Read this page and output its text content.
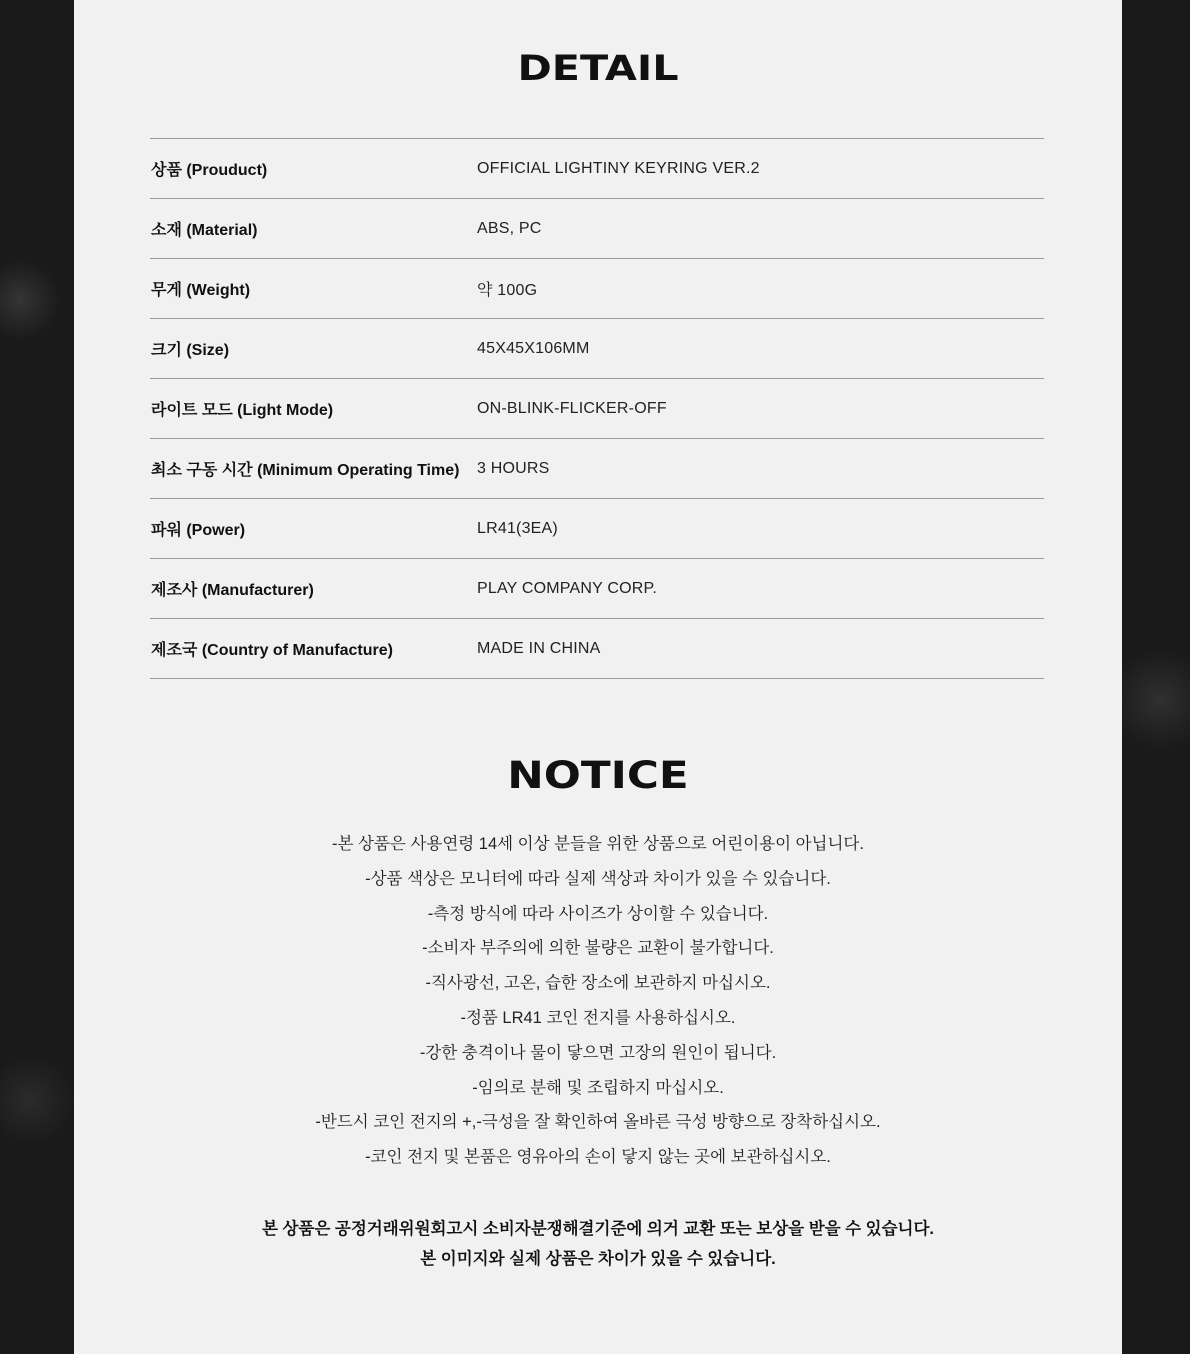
DETAIL
상품 (Prouduct)	OFFICIAL LIGHTINY KEYRING VER.2
소재 (Material)	ABS, PC
무게 (Weight)	약 100G
크기 (Size)	45X45X106MM
라이트 모드 (Light Mode)	ON-BLINK-FLICKER-OFF
최소 구동 시간 (Minimum Operating Time) 3 HOURS
파워 (Power)	LR41(3EA)
제조사 (Manufacturer)	PLAY COMPANY CORP.
제조국 (Country of Manufacture)	MADE IN CHINA
NOTICE
-본 상품은 사용연령 14세 이상 분들을 위한 상품으로 어린이용이 아닙니다.
-상품 색상은 모니터에 따라 실제 색상과 차이가 있을 수 있습니다.
-측정 방식에 따라 사이즈가 상이할 수 있습니다.
-소비자 부주의에 의한 불량은 교환이 불가합니다.
-직사광선, 고온, 습한 장소에 보관하지 마십시오.
-정품 LR41 코인 전지를 사용하십시오.
-강한 충격이나 물이 닿으면 고장의 원인이 됩니다.
-임의로 분해 및 조립하지 마십시오.
-반드시 코인 전지의 +,-극성을 잘 확인하여 올바른 극성 방향으로 장착하십시오.
-코인 전지 및 본품은 영유아의 손이 닿지 않는 곳에 보관하십시오.

본 상품은 공정거래위원회고시 소비자분쟁해결기준에 의거 교환 또는 보상을 받을 수 있습니다.

본 이미지와 실제 상품은 차이가 있을 수 있습니다.
